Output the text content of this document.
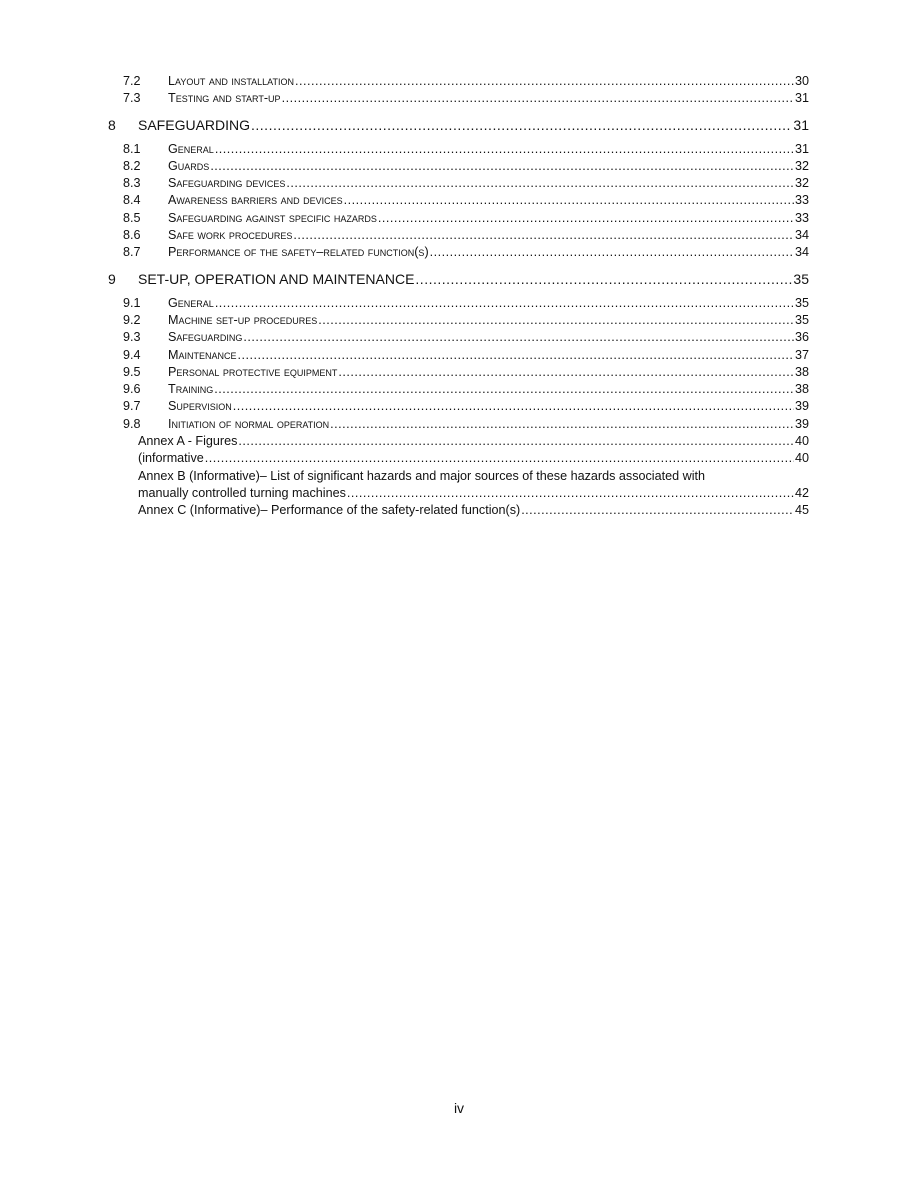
7.2 Layout and installation .....	30
7.3 Testing and start-up .....	31
8 SAFEGUARDING .....	31
8.1 General .....	31
8.2 Guards .....	32
8.3 Safeguarding devices .....	32
8.4 Awareness barriers and devices .....	33
8.5 Safeguarding against specific hazards .....	33
8.6 Safe work procedures .....	34
8.7 Performance of the safety–related function(s) .....	34
9 SET-UP, OPERATION AND MAINTENANCE .....	35
9.1 General .....	35
9.2 Machine set-up procedures .....	35
9.3 Safeguarding .....	36
9.4 Maintenance .....	37
9.5 Personal protective equipment .....	38
9.6 Training .....	38
9.7 Supervision .....	39
9.8 Initiation of normal operation .....	39
Annex A - Figures .....	40
(informative .....	40
Annex B (Informative)– List of significant hazards and major sources of these hazards associated with
manually controlled turning machines .....	42
Annex C (Informative)– Performance of the safety-related function(s) .....	45
iv
